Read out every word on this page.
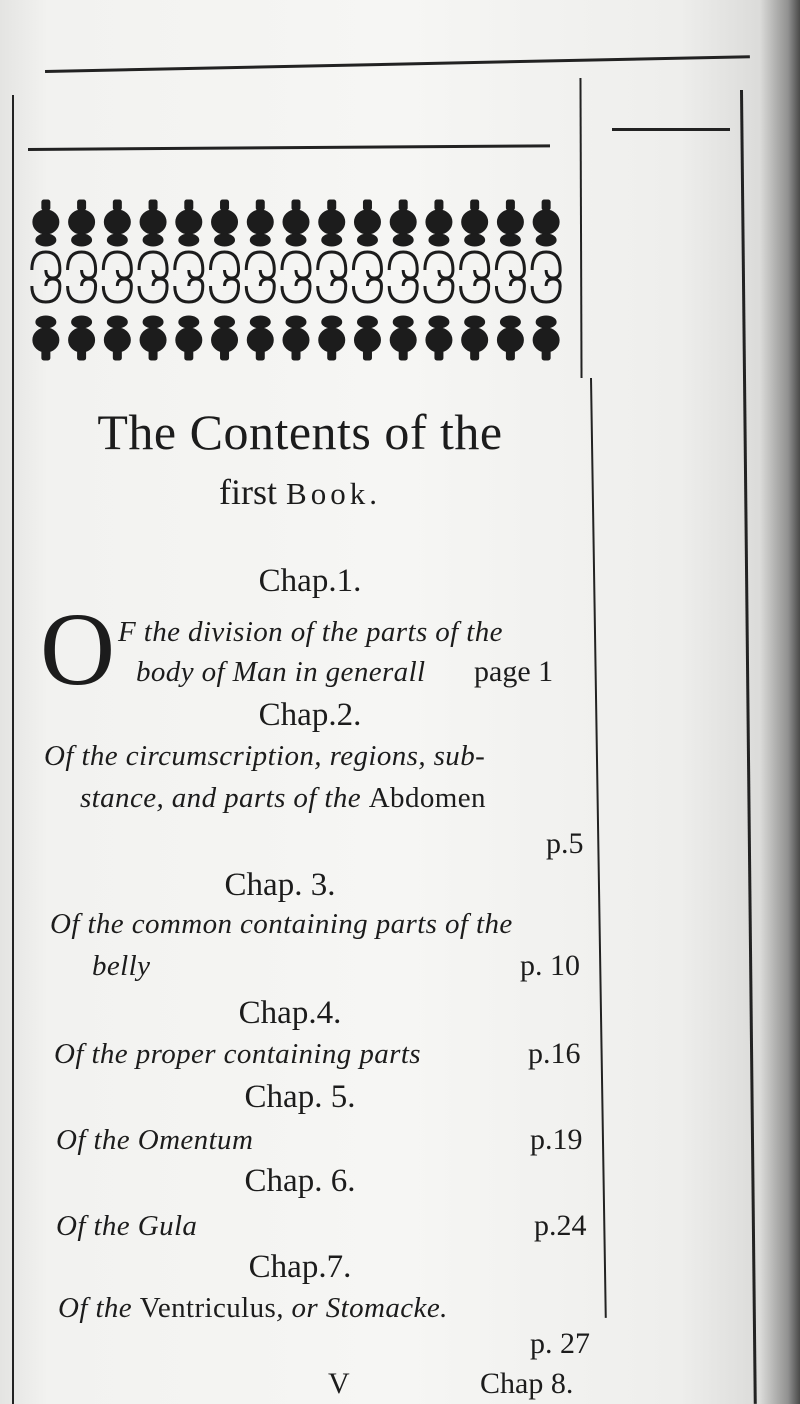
The Contents of the
first Book.
Chap.1.
O F the division of the parts of the
body of Man in generall page 1
Chap.2.
Of the circumscription, regions, sub-
stance, and parts of the Abdomen
p.5
Chap. 3.
Of the common containing parts of the
belly	p. 10
Chap.4.
Of the proper containing parts	p.16
Chap. 5.
Of the Omentum	p.19
Chap. 6.
Of the Gula	p.24
Chap.7.
Of the Ventriculus, or Stomacke.
p. 27
V	Chap 8.
